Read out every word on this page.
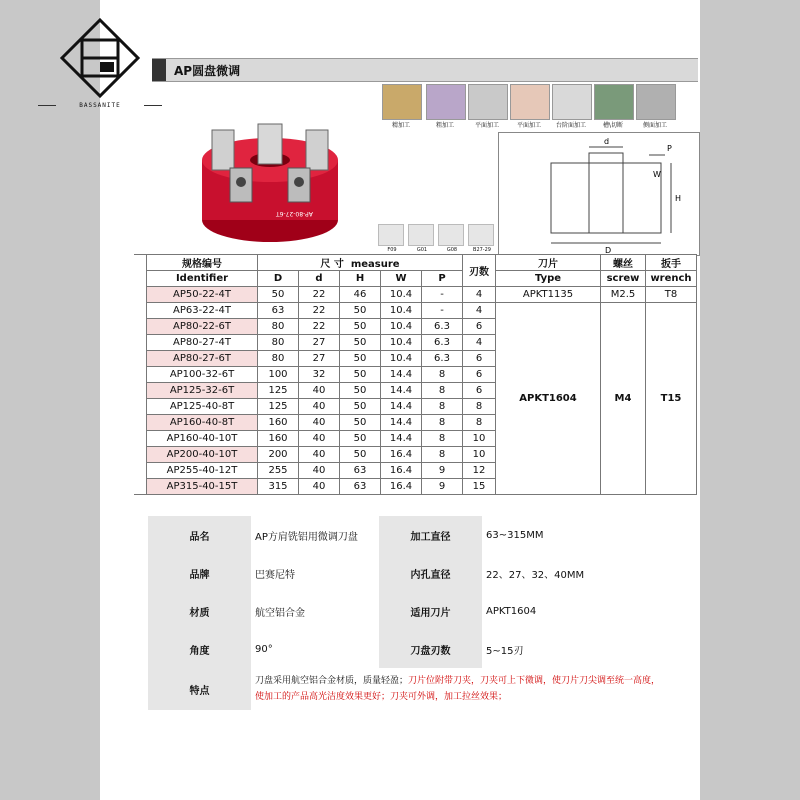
BASSANITE
AP圆盘微调
AP-80-27-6T
F09	G01	G08	B27-29
精加工	粗加工	平面加工	平面加工	台阶面加工	槽\切断	侧面加工
d
D
H
P
W
	规格编号	尺 寸 measure					刃数	刀片	螺丝	扳手
	Identifier	D	d	H	W	P		Type	screw	wrench
	AP50-22-4T	50	22	46	10.4	-	4	APKT1135	M2.5	T8
	AP63-22-4T	63	22	50	10.4	-	4	APKT1604	M4	T15
	AP80-22-6T	80	22	50	10.4	6.3	6			
	AP80-27-4T	80	27	50	10.4	6.3	4			
	AP80-27-6T	80	27	50	10.4	6.3	6			
	AP100-32-6T	100	32	50	14.4	8	6			
	AP125-32-6T	125	40	50	14.4	8	6			
	AP125-40-8T	125	40	50	14.4	8	8			
	AP160-40-8T	160	40	50	14.4	8	8			
	AP160-40-10T	160	40	50	14.4	8	10			
	AP200-40-10T	200	40	50	16.4	8	10			
	AP255-40-12T	255	40	63	16.4	9	12			
	AP315-40-15T	315	40	63	16.4	9	15			
品名	AP方肩铣铝用微调刀盘	加工直径	63~315MM
品牌	巴赛尼特	内孔直径	22、27、32、40MM
材质	航空铝合金	适用刀片	APKT1604
角度	90°	刀盘刃数	5~15刃
特点	刀盘采用航空铝合金材质，质量轻盈；刀片位附带刀夹，刀夹可上下微调，使刀片刀尖调至统一高度，使加工的产品高光洁度效果更好；刀夹可外调，加工拉丝效果；		
